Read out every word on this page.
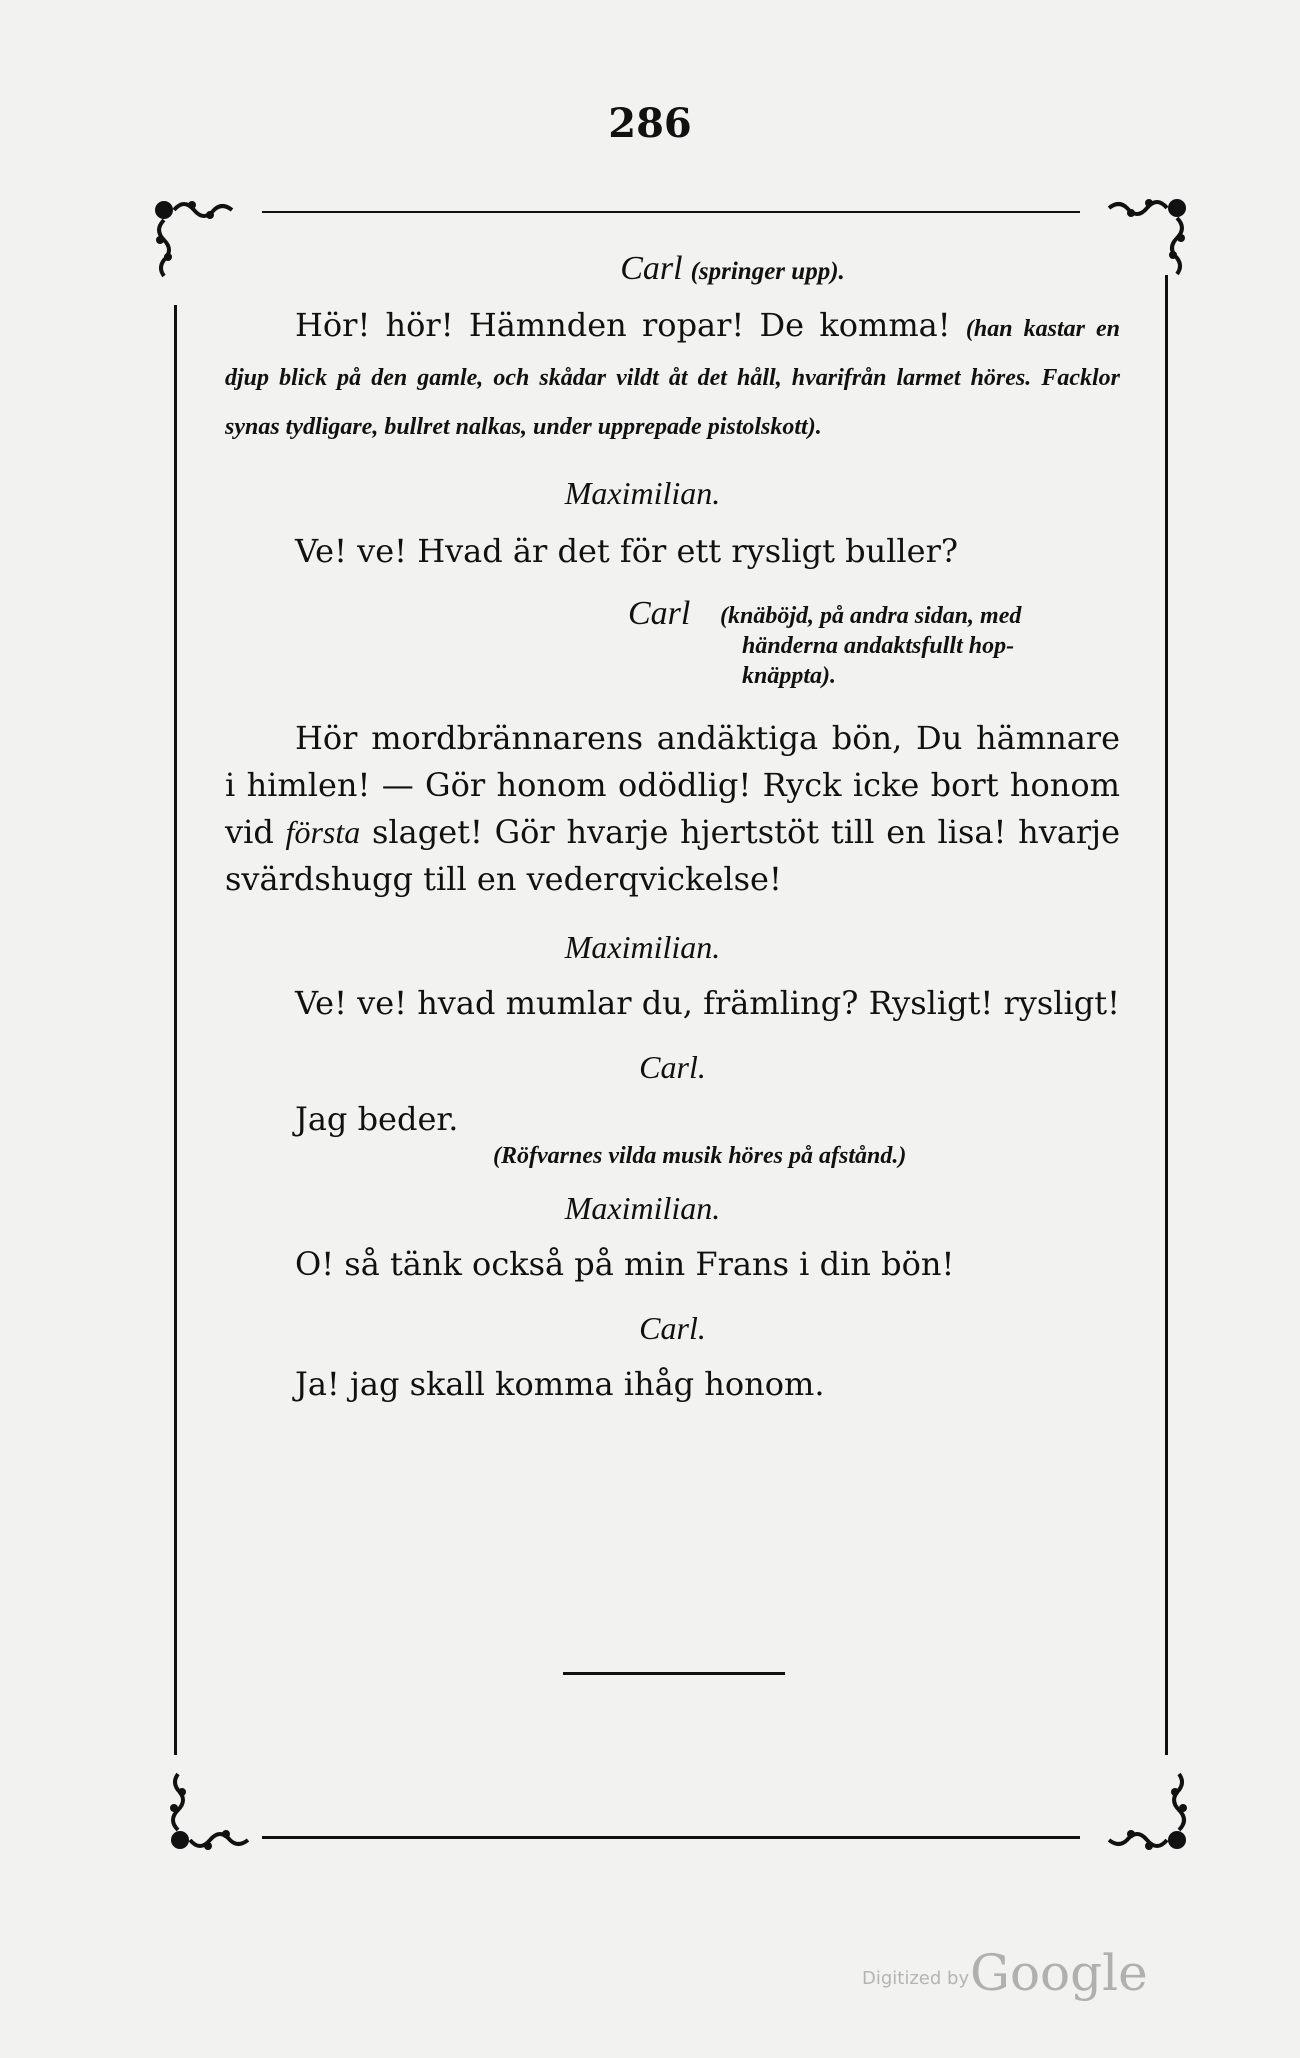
286

Carl (springer upp).

Hör! hör! Hämnden ropar! De komma! (han kastar en djup blick på den gamle, och skådar vildt åt det håll, hvarifrån larmet höres. Facklor synas tydligare, bullret nalkas, under upprepade pistolskott).

Maximilian.

Ve! ve! Hvad är det för ett rysligt buller?

Carl (knäböjd, på andra sidan, med
händerna andaktsfullt hop-
knäppta).

Hör mordbrännarens andäktiga bön, Du hämnare i himlen! — Gör honom odödlig! Ryck icke bort honom vid första slaget! Gör hvarje hjertstöt till en lisa! hvarje svärdshugg till en vederqvickelse!

Maximilian.

Ve! ve! hvad mumlar du, främling? Rysligt! rysligt!

Carl.

Jag beder.

(Röfvarnes vilda musik höres på afstånd.)

Maximilian.

O! så tänk också på min Frans i din bön!

Carl.

Ja! jag skall komma ihåg honom.

Digitized by Google
